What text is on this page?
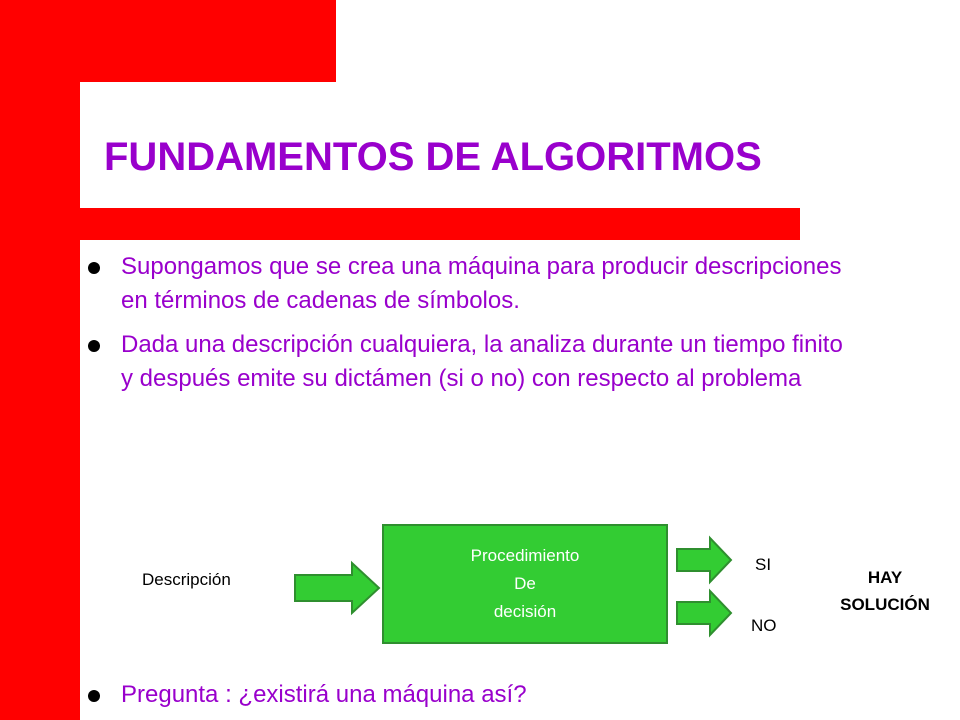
FUNDAMENTOS DE ALGORITMOS
Supongamos que se crea una máquina para producir descripciones en términos de cadenas de símbolos.
Dada una descripción cualquiera, la analiza durante un tiempo finito y después emite su dictámen (si o no) con respecto al problema
Descripción
Procedimiento
De
decisión
SI
NO
HAY
SOLUCIÓN
Pregunta : ¿existirá una máquina así?
